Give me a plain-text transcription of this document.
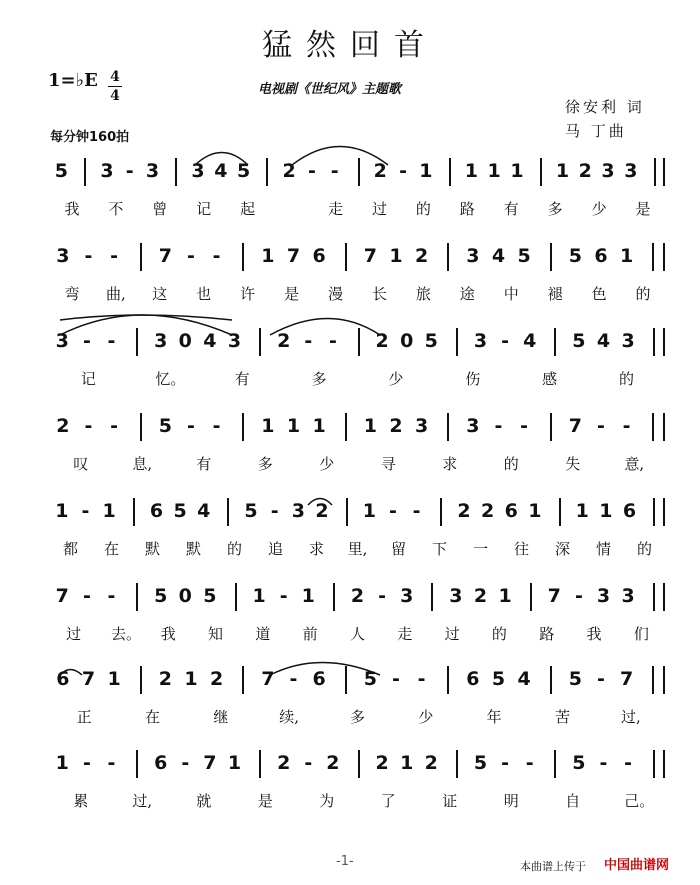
猛然回首
1=♭E 4
4	电视剧《世纪风》主题歌
徐安利 词
马 丁曲
每分钟160拍
5 3 - 3 3 4 5 2 - -	2 - 1 1 1 1 1 2 3 3
我 不 曾 记 起	走 过 的 路 有 多 少 是
3 - -	7 - -	1 7 6 7 1 2 3 4 5 5 6 1
弯 曲, 这 也 许 是 漫 长 旅 途 中 褪 色 的
3 - -	3 0 4 3 2 - -	2 0 5 3 - 4 5 4 3
记	忆。	有	多	少	伤	感	的
2 - -	5 - -	1 1 1 1 2 3 3 - -	7 - -
叹	息,	有	多	少	寻	求	的	失	意,
1 - 1 6 5 4 5 - 3 2 1 - -	2 2 6 1 1 1 6
都 在 默 默 的 追 求 里, 留 下 一 往 深 情 的
7 - -	5 0 5 1 - 1 2 - 3 3 2 1 7 - 3 3
过 去。 我 知 道 前 人 走 过 的 路 我 们
6 7 1 2 1 2 7 - 6 5 - -	6 5 4 5 - 7
正	在	继	续,	多	少	年	苦	过,
1 - -	6 - 7 1 2 - 2 2 1 2 5 - -	5 - -
累	过,	就	是	为	了	证	明	自	己。
-1-	本曲谱上传于 中国曲谱网
